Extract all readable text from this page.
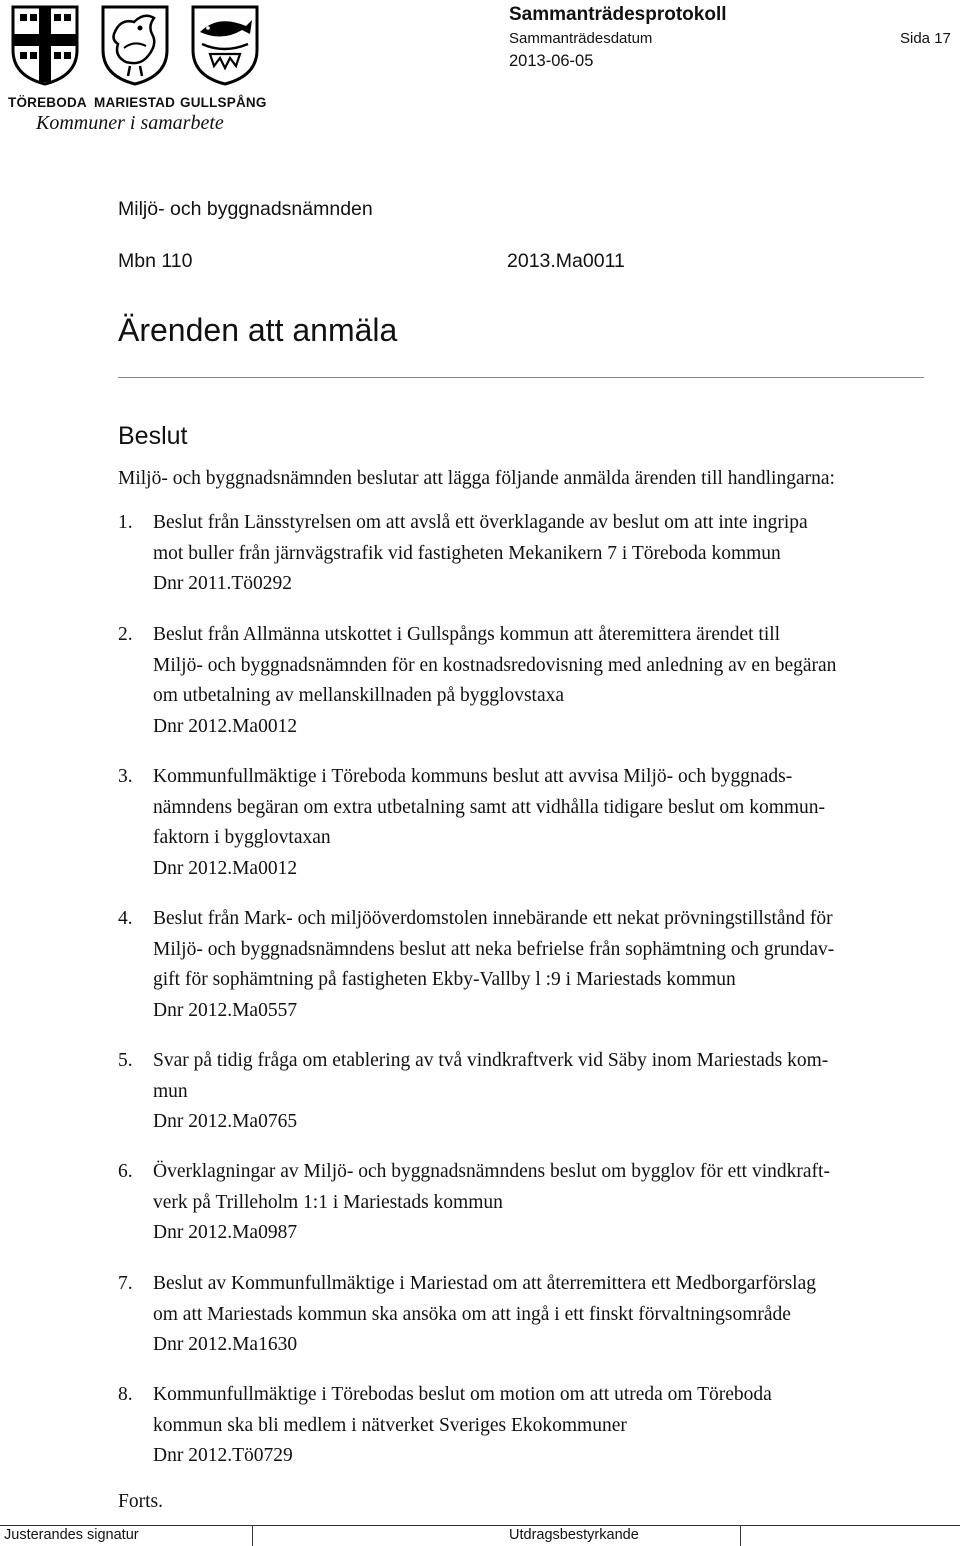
TÖREBODA MARIESTAD GULLSPÅNG
Kommuner i samarbete
Sammanträdesprotokoll
Sammanträdesdatum
2013-06-05
Sida 17
Miljö- och byggnadsnämnden
Mbn 110	2013.Ma0011
Ärenden att anmäla
Beslut
Miljö- och byggnadsnämnden beslutar att lägga följande anmälda ärenden till handlingarna:
1. Beslut från Länsstyrelsen om att avslå ett överklagande av beslut om att inte ingripa
mot buller från järnvägstrafik vid fastigheten Mekanikern 7 i Töreboda kommun
Dnr 2011.Tö0292
2. Beslut från Allmänna utskottet i Gullspångs kommun att återemittera ärendet till
Miljö- och byggnadsnämnden för en kostnadsredovisning med anledning av en begäran
om utbetalning av mellanskillnaden på bygglovstaxa
Dnr 2012.Ma0012
3. Kommunfullmäktige i Töreboda kommuns beslut att avvisa Miljö- och byggnads-
nämndens begäran om extra utbetalning samt att vidhålla tidigare beslut om kommun-
faktorn i bygglovtaxan
Dnr 2012.Ma0012
4. Beslut från Mark- och miljööverdomstolen innebärande ett nekat prövningstillstånd för
Miljö- och byggnadsnämndens beslut att neka befrielse från sophämtning och grundav-
gift för sophämtning på fastigheten Ekby-Vallby l :9 i Mariestads kommun
Dnr 2012.Ma0557
5. Svar på tidig fråga om etablering av två vindkraftverk vid Säby inom Mariestads kom-
mun
Dnr 2012.Ma0765
6. Överklagningar av Miljö- och byggnadsnämndens beslut om bygglov för ett vindkraft-
verk på Trilleholm 1:1 i Mariestads kommun
Dnr 2012.Ma0987
7. Beslut av Kommunfullmäktige i Mariestad om att återremittera ett Medborgarförslag
om att Mariestads kommun ska ansöka om att ingå i ett finskt förvaltningsområde
Dnr 2012.Ma1630
8. Kommunfullmäktige i Törebodas beslut om motion om att utreda om Töreboda
kommun ska bli medlem i nätverket Sveriges Ekokommuner
Dnr 2012.Tö0729
Forts.
Justerandes signatur	Utdragsbestyrkande
